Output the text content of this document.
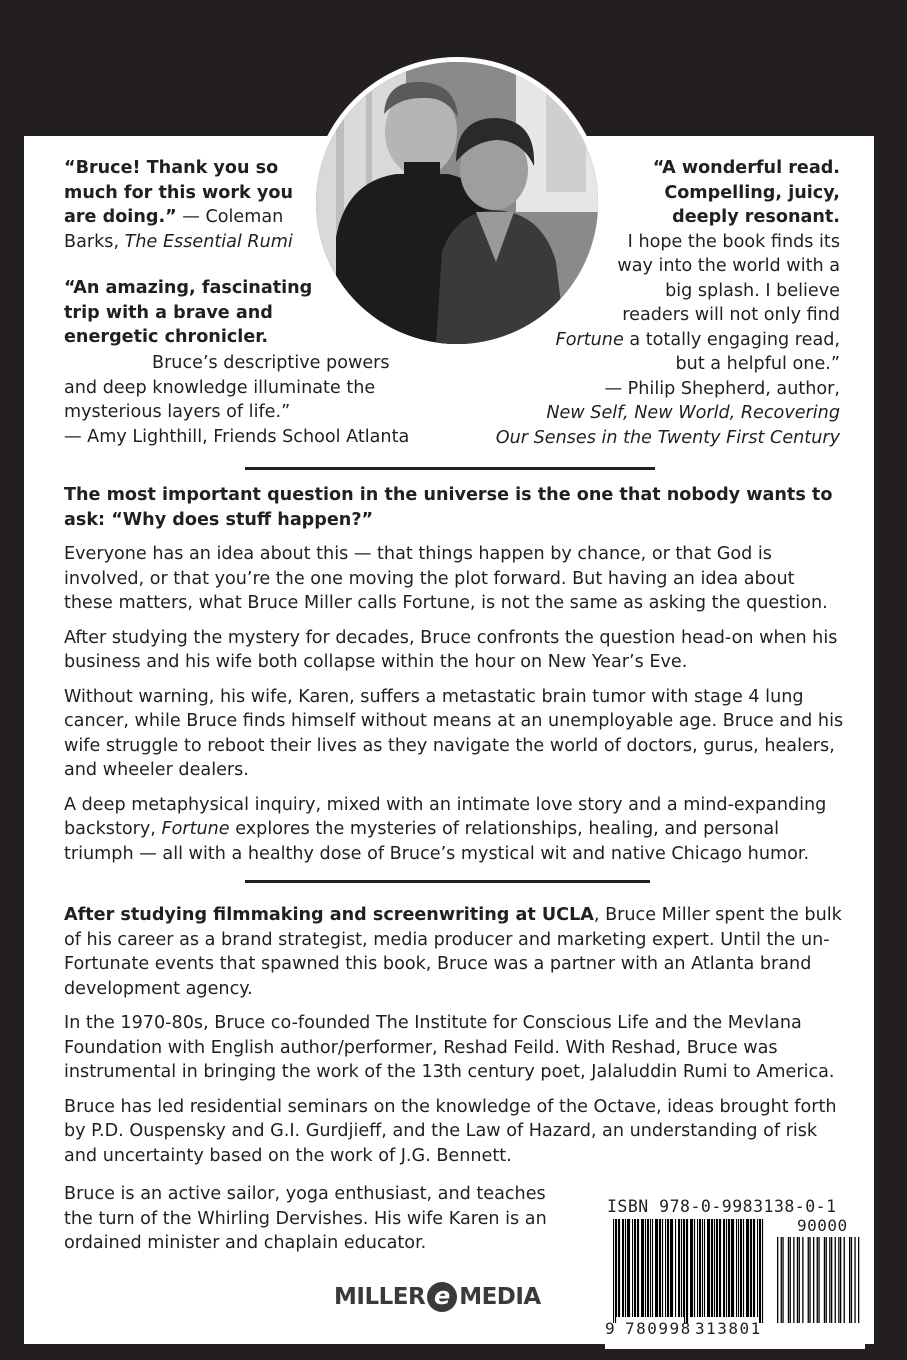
“Bruce! Thank you so much for this work you are doing.” — Coleman Barks, The Essential Rumi

“An amazing, fascinating trip with a brave and energetic chronicler.

Bruce’s descriptive powers and deep knowledge illuminate the mysterious layers of life.”

— Amy Lighthill, Friends School Atlanta

“A wonderful read.

Compelling, juicy,

deeply resonant.

I hope the book finds its

way into the world with a

big splash. I believe

readers will not only find

Fortune a totally engaging read,

but a helpful one.”

— Philip Shepherd, author,

New Self, New World, Recovering

Our Senses in the Twenty First Century

The most important question in the universe is the one that nobody wants to ask: “Why does stuff happen?”

Everyone has an idea about this — that things happen by chance, or that God is involved, or that you’re the one moving the plot forward. But having an idea about these matters, what Bruce Miller calls Fortune, is not the same as asking the question.

After studying the mystery for decades, Bruce confronts the question head-on when his business and his wife both collapse within the hour on New Year’s Eve.

Without warning, his wife, Karen, suffers a metastatic brain tumor with stage 4 lung cancer, while Bruce finds himself without means at an unemployable age. Bruce and his wife struggle to reboot their lives as they navigate the world of doctors, gurus, healers, and wheeler dealers.

A deep metaphysical inquiry, mixed with an intimate love story and a mind-expanding backstory, Fortune explores the mysteries of relationships, healing, and personal triumph — all with a healthy dose of Bruce’s mystical wit and native Chicago humor.

After studying filmmaking and screenwriting at UCLA, Bruce Miller spent the bulk of his career as a brand strategist, media producer and marketing expert. Until the un-Fortunate events that spawned this book, Bruce was a partner with an Atlanta brand development agency.

In the 1970-80s, Bruce co-founded The Institute for Conscious Life and the Mevlana Foundation with English author/performer, Reshad Feild. With Reshad, Bruce was instrumental in bringing the work of the 13th century poet, Jalaluddin Rumi to America.

Bruce has led residential seminars on the knowledge of the Octave, ideas brought forth by P.D. Ouspensky and G.I. Gurdjieff, and the Law of Hazard, an understanding of risk and uncertainty based on the work of J.G. Bennett.

Bruce is an active sailor, yoga enthusiast, and teaches the turn of the Whirling Dervishes. His wife Karen is an ordained minister and chaplain educator.

MILLER e MEDIA
ISBN 978-0-9983138-0-1
90000
9 780998 313801
